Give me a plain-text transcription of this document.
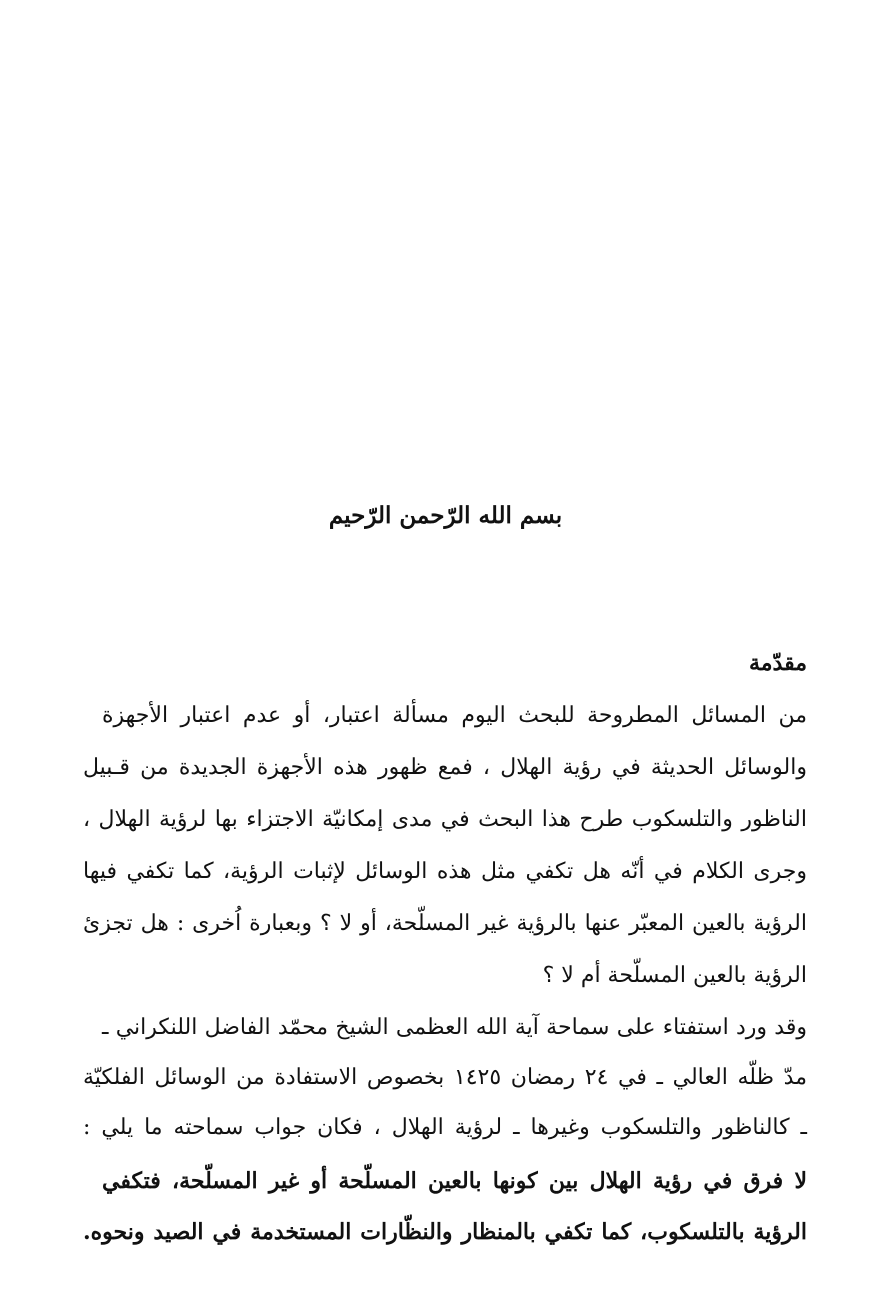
بسم الله الرّحمن الرّحيم
مقدّمة
من المسائل المطروحة للبحث اليوم مسألة اعتبار، أو عدم اعتبار الأجهزة
والوسائل الحديثة في رؤية الهلال ، فمع ظهور هذه الأجهزة الجديدة من قـبيل
الناظور والتلسكوب طرح هذا البحث في مدى إمكانيّة الاجتزاء بها لرؤية الهلال ،
وجرى الكلام في أنّه هل تكفي مثل هذه الوسائل لإثبات الرؤية، كما تكفي فيها
الرؤية بالعين المعبّر عنها بالرؤية غير المسلّحة، أو لا ؟ وبعبارة اُخرى : هل تجزئ
الرؤية بالعين المسلّحة أم لا ؟
وقد ورد استفتاء على سماحة آية الله العظمى الشيخ محمّد الفاضل اللنكراني ـ
مدّ ظلّه العالي ـ في ٢٤ رمضان ١٤٢٥ بخصوص الاستفادة من الوسائل الفلكيّة
ـ كالناظور والتلسكوب وغيرها ـ لرؤية الهلال ، فكان جواب سماحته ما يلي :
لا فرق في رؤية الهلال بين كونها بالعين المسلّحة أو غير المسلّحة، فتكفي
الرؤية بالتلسكوب، كما تكفي بالمنظار والنظّارات المستخدمة في الصيد ونحوه.
